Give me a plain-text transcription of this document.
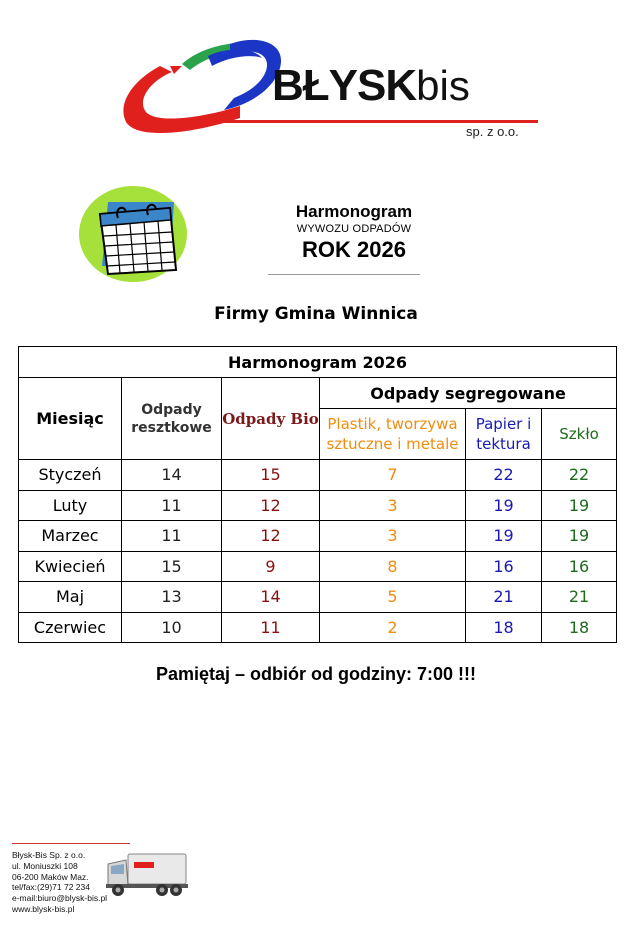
BŁYSKbis
sp. z o.o.
Harmonogram
WYWOZU ODPADÓW
ROK 2026
Firmy Gmina Winnica
Harmonogram 2026					
Miesiąc	Odpady resztkowe	Odpady Bio	Odpady segregowane		
			Plastik, tworzywa sztuczne i metale	Papier i tektura	Szkło
Styczeń	14	15	7	22	22
Luty	11	12	3	19	19
Marzec	11	12	3	19	19
Kwiecień	15	9	8	16	16
Maj	13	14	5	21	21
Czerwiec	10	11	2	18	18
Pamiętaj – odbiór od godziny: 7:00 !!!
Błysk-Bis Sp. z o.o.
ul. Moniuszki 108
06-200 Maków Maz.
tel/fax:(29)71 72 234
e-mail:biuro@blysk-bis.pl
www.blysk-bis.pl
